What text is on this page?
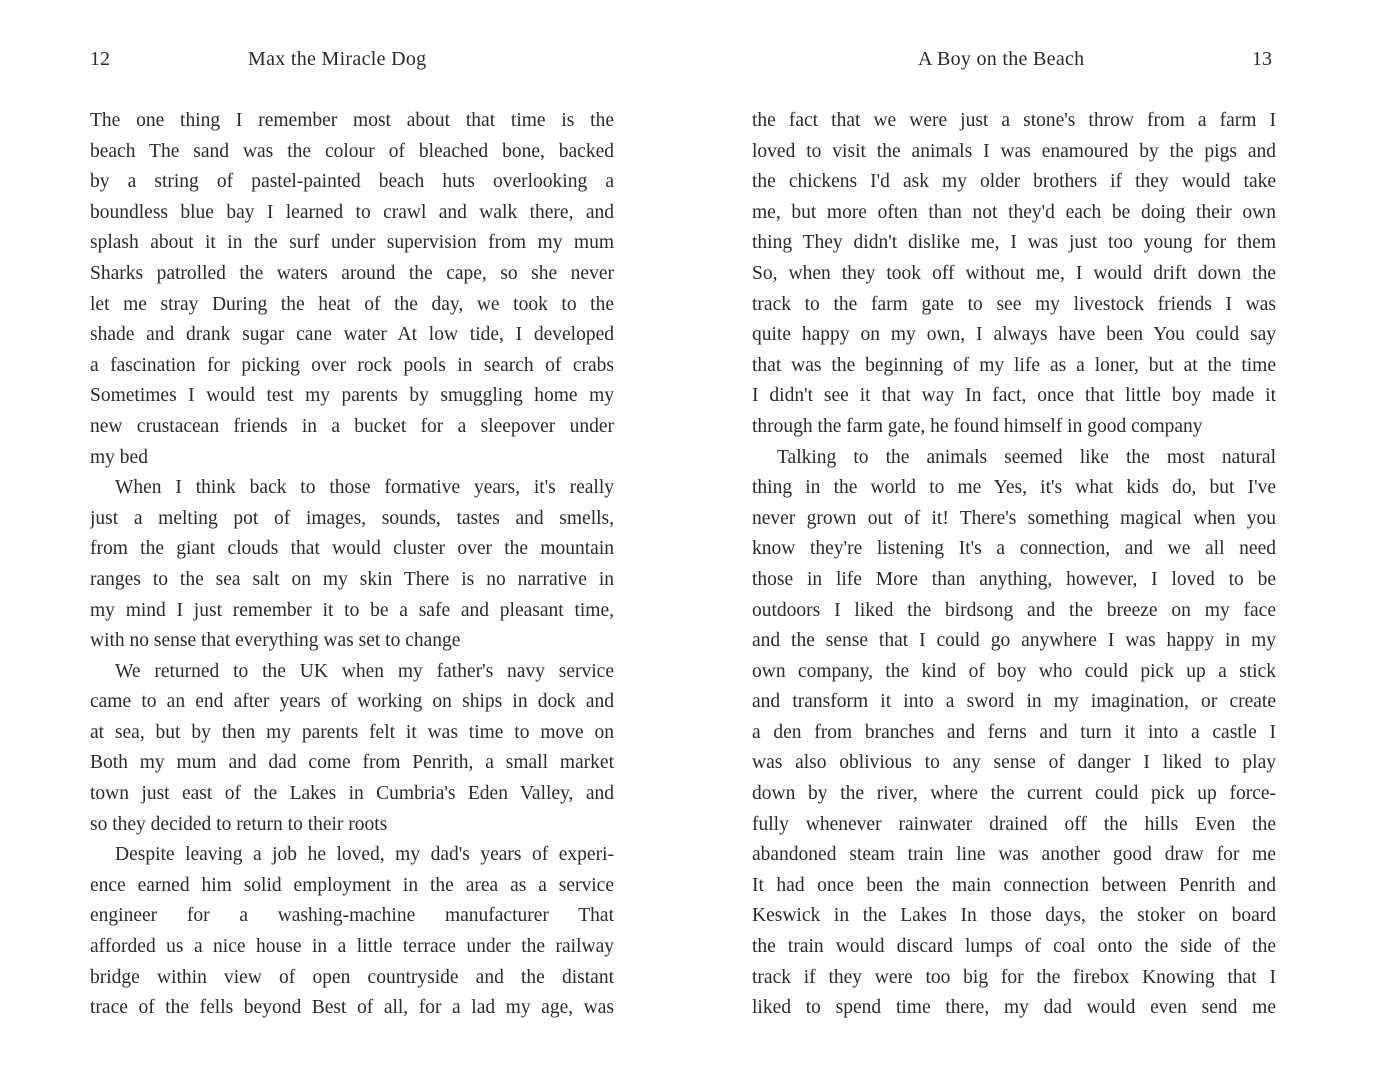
12	Max the Miracle Dog
The one thing I remember most about that time is the
beach The sand was the colour of bleached bone, backed
by a string of pastel-painted beach huts overlooking a
boundless blue bay I learned to crawl and walk there, and
splash about it in the surf under supervision from my mum
Sharks patrolled the waters around the cape, so she never
let me stray During the heat of the day, we took to the
shade and drank sugar cane water At low tide, I developed
a fascination for picking over rock pools in search of crabs
Sometimes I would test my parents by smuggling home my
new crustacean friends in a bucket for a sleepover under
my bed
When I think back to those formative years, it's really
just a melting pot of images, sounds, tastes and smells,
from the giant clouds that would cluster over the mountain
ranges to the sea salt on my skin There is no narrative in
my mind I just remember it to be a safe and pleasant time,
with no sense that everything was set to change
We returned to the UK when my father's navy service
came to an end after years of working on ships in dock and
at sea, but by then my parents felt it was time to move on
Both my mum and dad come from Penrith, a small market
town just east of the Lakes in Cumbria's Eden Valley, and
so they decided to return to their roots
Despite leaving a job he loved, my dad's years of experi-
ence earned him solid employment in the area as a service
engineer for a washing-machine manufacturer That
afforded us a nice house in a little terrace under the railway
bridge within view of open countryside and the distant
trace of the fells beyond Best of all, for a lad my age, was
A Boy on the Beach	13
the fact that we were just a stone's throw from a farm I
loved to visit the animals I was enamoured by the pigs and
the chickens I'd ask my older brothers if they would take
me, but more often than not they'd each be doing their own
thing They didn't dislike me, I was just too young for them
So, when they took off without me, I would drift down the
track to the farm gate to see my livestock friends I was
quite happy on my own, I always have been You could say
that was the beginning of my life as a loner, but at the time
I didn't see it that way In fact, once that little boy made it
through the farm gate, he found himself in good company
Talking to the animals seemed like the most natural
thing in the world to me Yes, it's what kids do, but I've
never grown out of it! There's something magical when you
know they're listening It's a connection, and we all need
those in life More than anything, however, I loved to be
outdoors I liked the birdsong and the breeze on my face
and the sense that I could go anywhere I was happy in my
own company, the kind of boy who could pick up a stick
and transform it into a sword in my imagination, or create
a den from branches and ferns and turn it into a castle I
was also oblivious to any sense of danger I liked to play
down by the river, where the current could pick up force-
fully whenever rainwater drained off the hills Even the
abandoned steam train line was another good draw for me
It had once been the main connection between Penrith and
Keswick in the Lakes In those days, the stoker on board
the train would discard lumps of coal onto the side of the
track if they were too big for the firebox Knowing that I
liked to spend time there, my dad would even send me
